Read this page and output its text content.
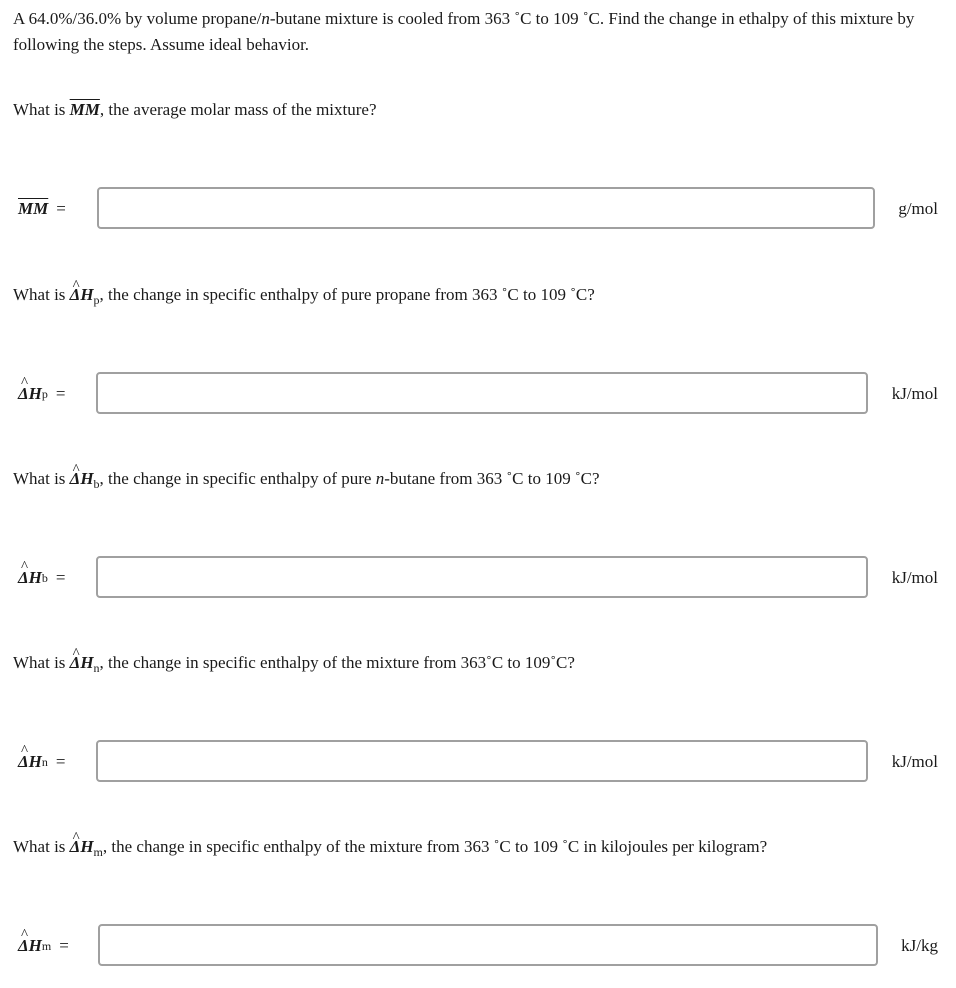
A 64.0%/36.0% by volume propane/n-butane mixture is cooled from 363 ˚C to 109 ˚C. Find the change in ethalpy of this mixture by following the steps. Assume ideal behavior.

What is $\overline{MM}$, the average molar mass of the mixture?

$\overline{MM}$ =	g/mol

What is ^ $\Delta H_p$, the change in specific enthalpy of pure propane from 363 ˚C to 109 ˚C?

^ ΔH p =	kJ/mol

What is ^ $\Delta H_b$, the change in specific enthalpy of pure n-butane from 363 ˚C to 109 ˚C?

^ ΔH b =	kJ/mol

What is ^ $\Delta H_n$, the change in specific enthalpy of the mixture from 363˚C to 109˚C?

^ ΔH n =	kJ/mol

What is ^ $\Delta H_m$, the change in specific enthalpy of the mixture from 363 ˚C to 109 ˚C in kilojoules per kilogram?

^ ΔH m =	kJ/kg
